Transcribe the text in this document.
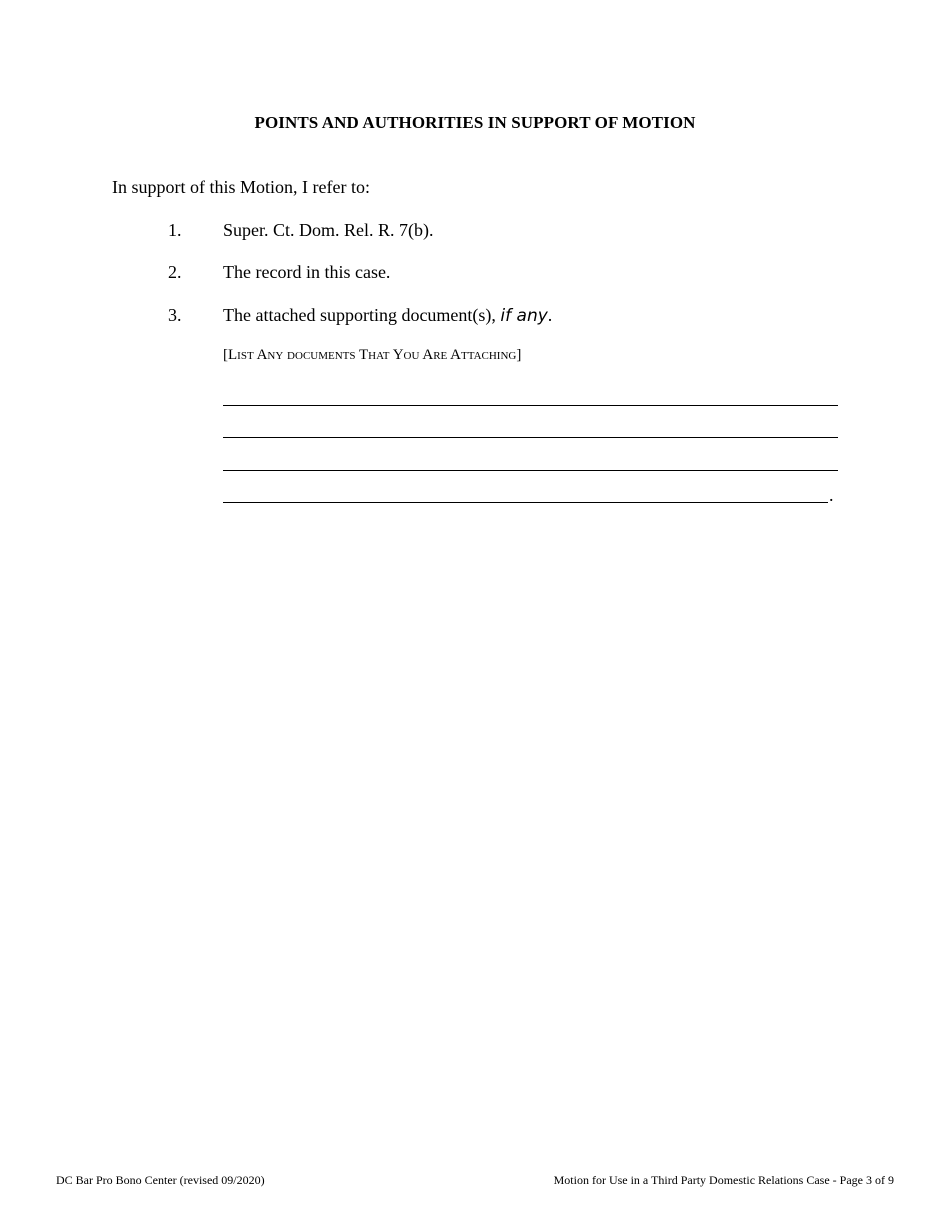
POINTS AND AUTHORITIES IN SUPPORT OF MOTION
In support of this Motion, I refer to:
1. Super. Ct. Dom. Rel. R. 7(b).
2. The record in this case.
3. The attached supporting document(s), if any.
[List Any documents That You Are Attaching]
.
DC Bar Pro Bono Center (revised 09/2020)	Motion for Use in a Third Party Domestic Relations Case - Page 3 of 9
